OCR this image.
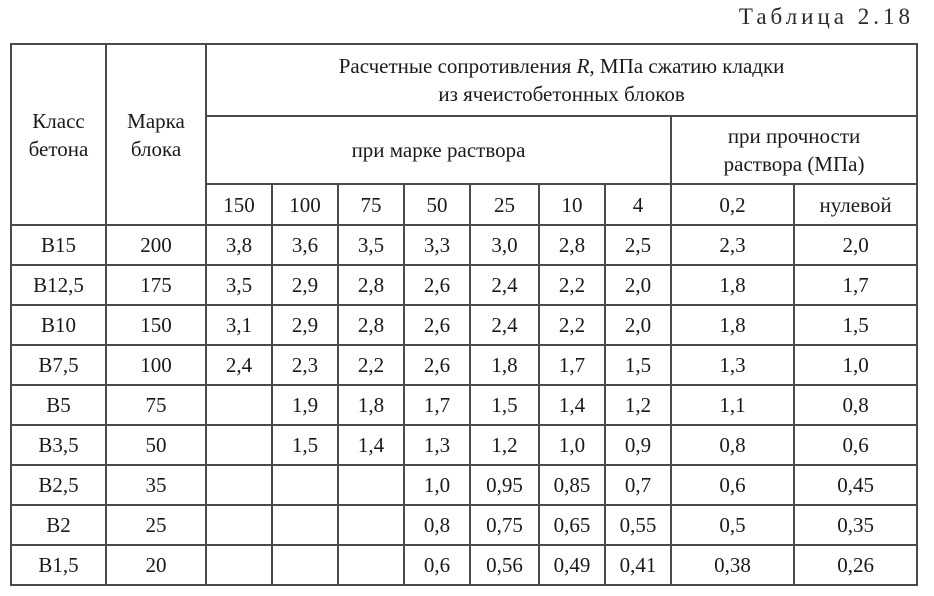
Таблица 2.18
Класс бетона	Марка блока	Расчетные сопротивления R, МПа сжатию кладки
из ячеистобетонных блоков								

		при марке раствора							при прочности
раствора (МПа)	

		150	100	75	50	25	10	4	0,2	нулевой
B15	200	3,8	3,6	3,5	3,3	3,0	2,8	2,5	2,3	2,0
B12,5	175	3,5	2,9	2,8	2,6	2,4	2,2	2,0	1,8	1,7
B10	150	3,1	2,9	2,8	2,6	2,4	2,2	2,0	1,8	1,5
B7,5	100	2,4	2,3	2,2	2,6	1,8	1,7	1,5	1,3	1,0
B5	75		1,9	1,8	1,7	1,5	1,4	1,2	1,1	0,8
B3,5	50		1,5	1,4	1,3	1,2	1,0	0,9	0,8	0,6
B2,5	35				1,0	0,95	0,85	0,7	0,6	0,45
B2	25				0,8	0,75	0,65	0,55	0,5	0,35
B1,5	20				0,6	0,56	0,49	0,41	0,38	0,26
